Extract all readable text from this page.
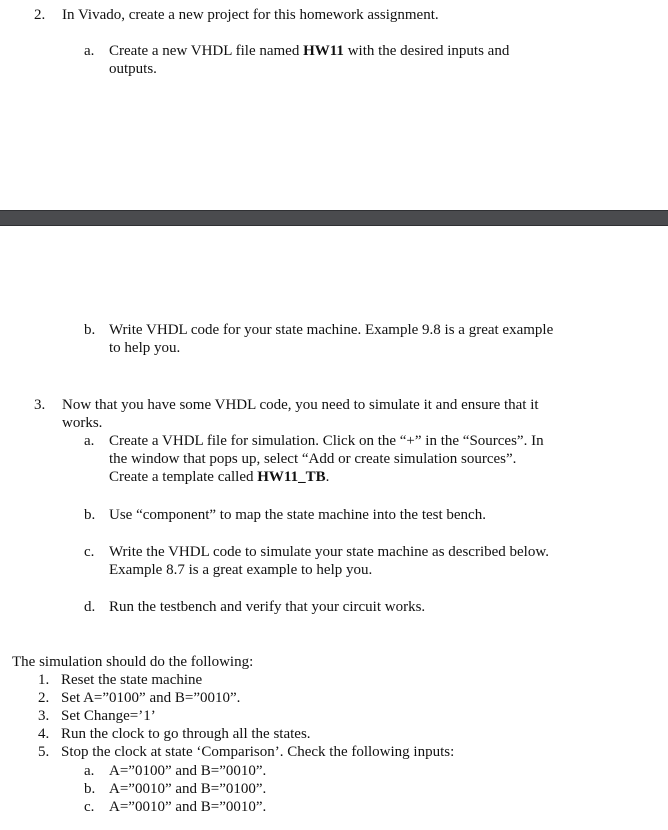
2.	In Vivado, create a new project for this homework assignment.
a. Create a new VHDL file named HW11 with the desired inputs and
outputs.
b. Write VHDL code for your state machine. Example 9.8 is a great example
to help you.
3.	Now that you have some VHDL code, you need to simulate it and ensure that it
works.
a. Create a VHDL file for simulation. Click on the “+” in the “Sources”. In
the window that pops up, select “Add or create simulation sources”.
Create a template called HW11_TB.
b. Use “component” to map the state machine into the test bench.
c. Write the VHDL code to simulate your state machine as described below.
Example 8.7 is a great example to help you.
d. Run the testbench and verify that your circuit works.
The simulation should do the following:
1. Reset the state machine
2. Set A=”0100” and B=”0010”.
3. Set Change=’1’
4. Run the clock to go through all the states.
5. Stop the clock at state ‘Comparison’. Check the following inputs:
a. A=”0100” and B=”0010”.
b. A=”0010” and B=”0100”.
c. A=”0010” and B=”0010”.
